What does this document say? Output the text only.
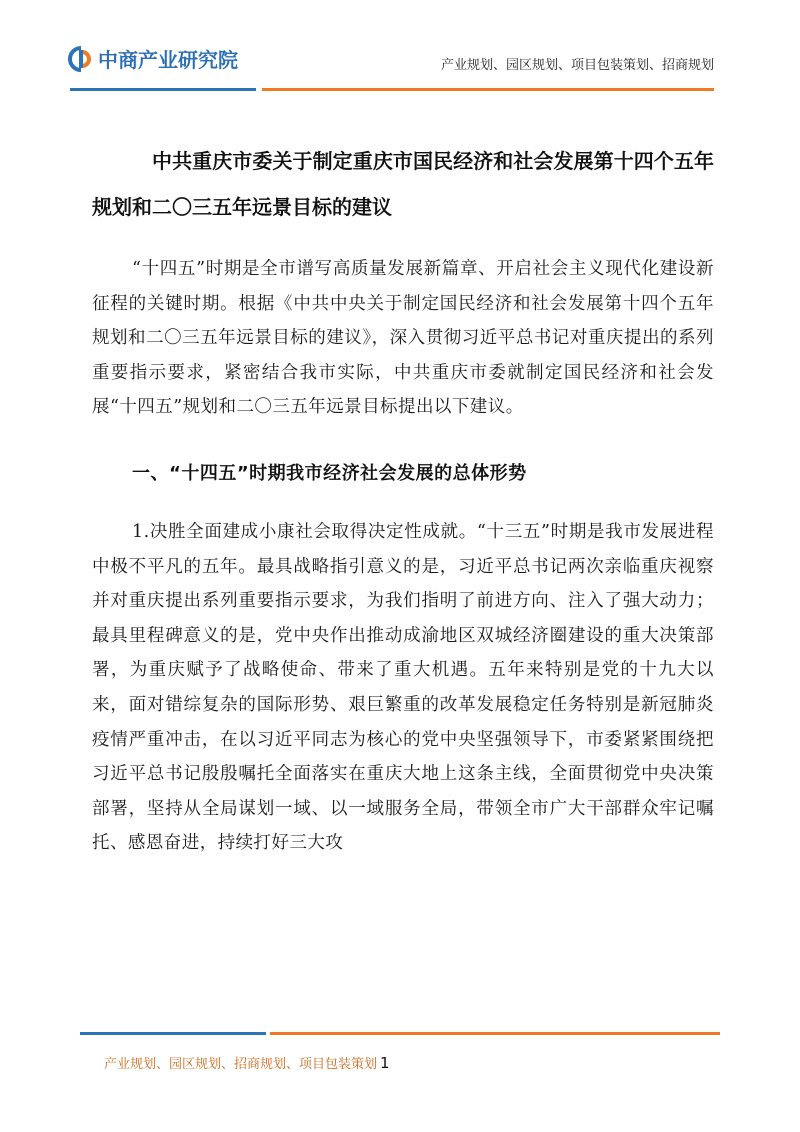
中商产业研究院	产业规划、园区规划、项目包装策划、招商规划
中共重庆市委关于制定重庆市国民经济和社会发展第十四个五年规划和二〇三五年远景目标的建议

“十四五”时期是全市谱写高质量发展新篇章、开启社会主义现代化建设新征程的关键时期。根据《中共中央关于制定国民经济和社会发展第十四个五年规划和二〇三五年远景目标的建议》，深入贯彻习近平总书记对重庆提出的系列重要指示要求，紧密结合我市实际，中共重庆市委就制定国民经济和社会发展“十四五”规划和二〇三五年远景目标提出以下建议。

一、“十四五”时期我市经济社会发展的总体形势

1.决胜全面建成小康社会取得决定性成就。“十三五”时期是我市发展进程中极不平凡的五年。最具战略指引意义的是，习近平总书记两次亲临重庆视察并对重庆提出系列重要指示要求，为我们指明了前进方向、注入了强大动力；最具里程碑意义的是，党中央作出推动成渝地区双城经济圈建设的重大决策部署，为重庆赋予了战略使命、带来了重大机遇。五年来特别是党的十九大以来，面对错综复杂的国际形势、艰巨繁重的改革发展稳定任务特别是新冠肺炎疫情严重冲击，在以习近平同志为核心的党中央坚强领导下，市委紧紧围绕把习近平总书记殷殷嘱托全面落实在重庆大地上这条主线，全面贯彻党中央决策部署，坚持从全局谋划一域、以一域服务全局，带领全市广大干部群众牢记嘱托、感恩奋进，持续打好三大攻

产业规划、园区规划、招商规划、项目包装策划 1
